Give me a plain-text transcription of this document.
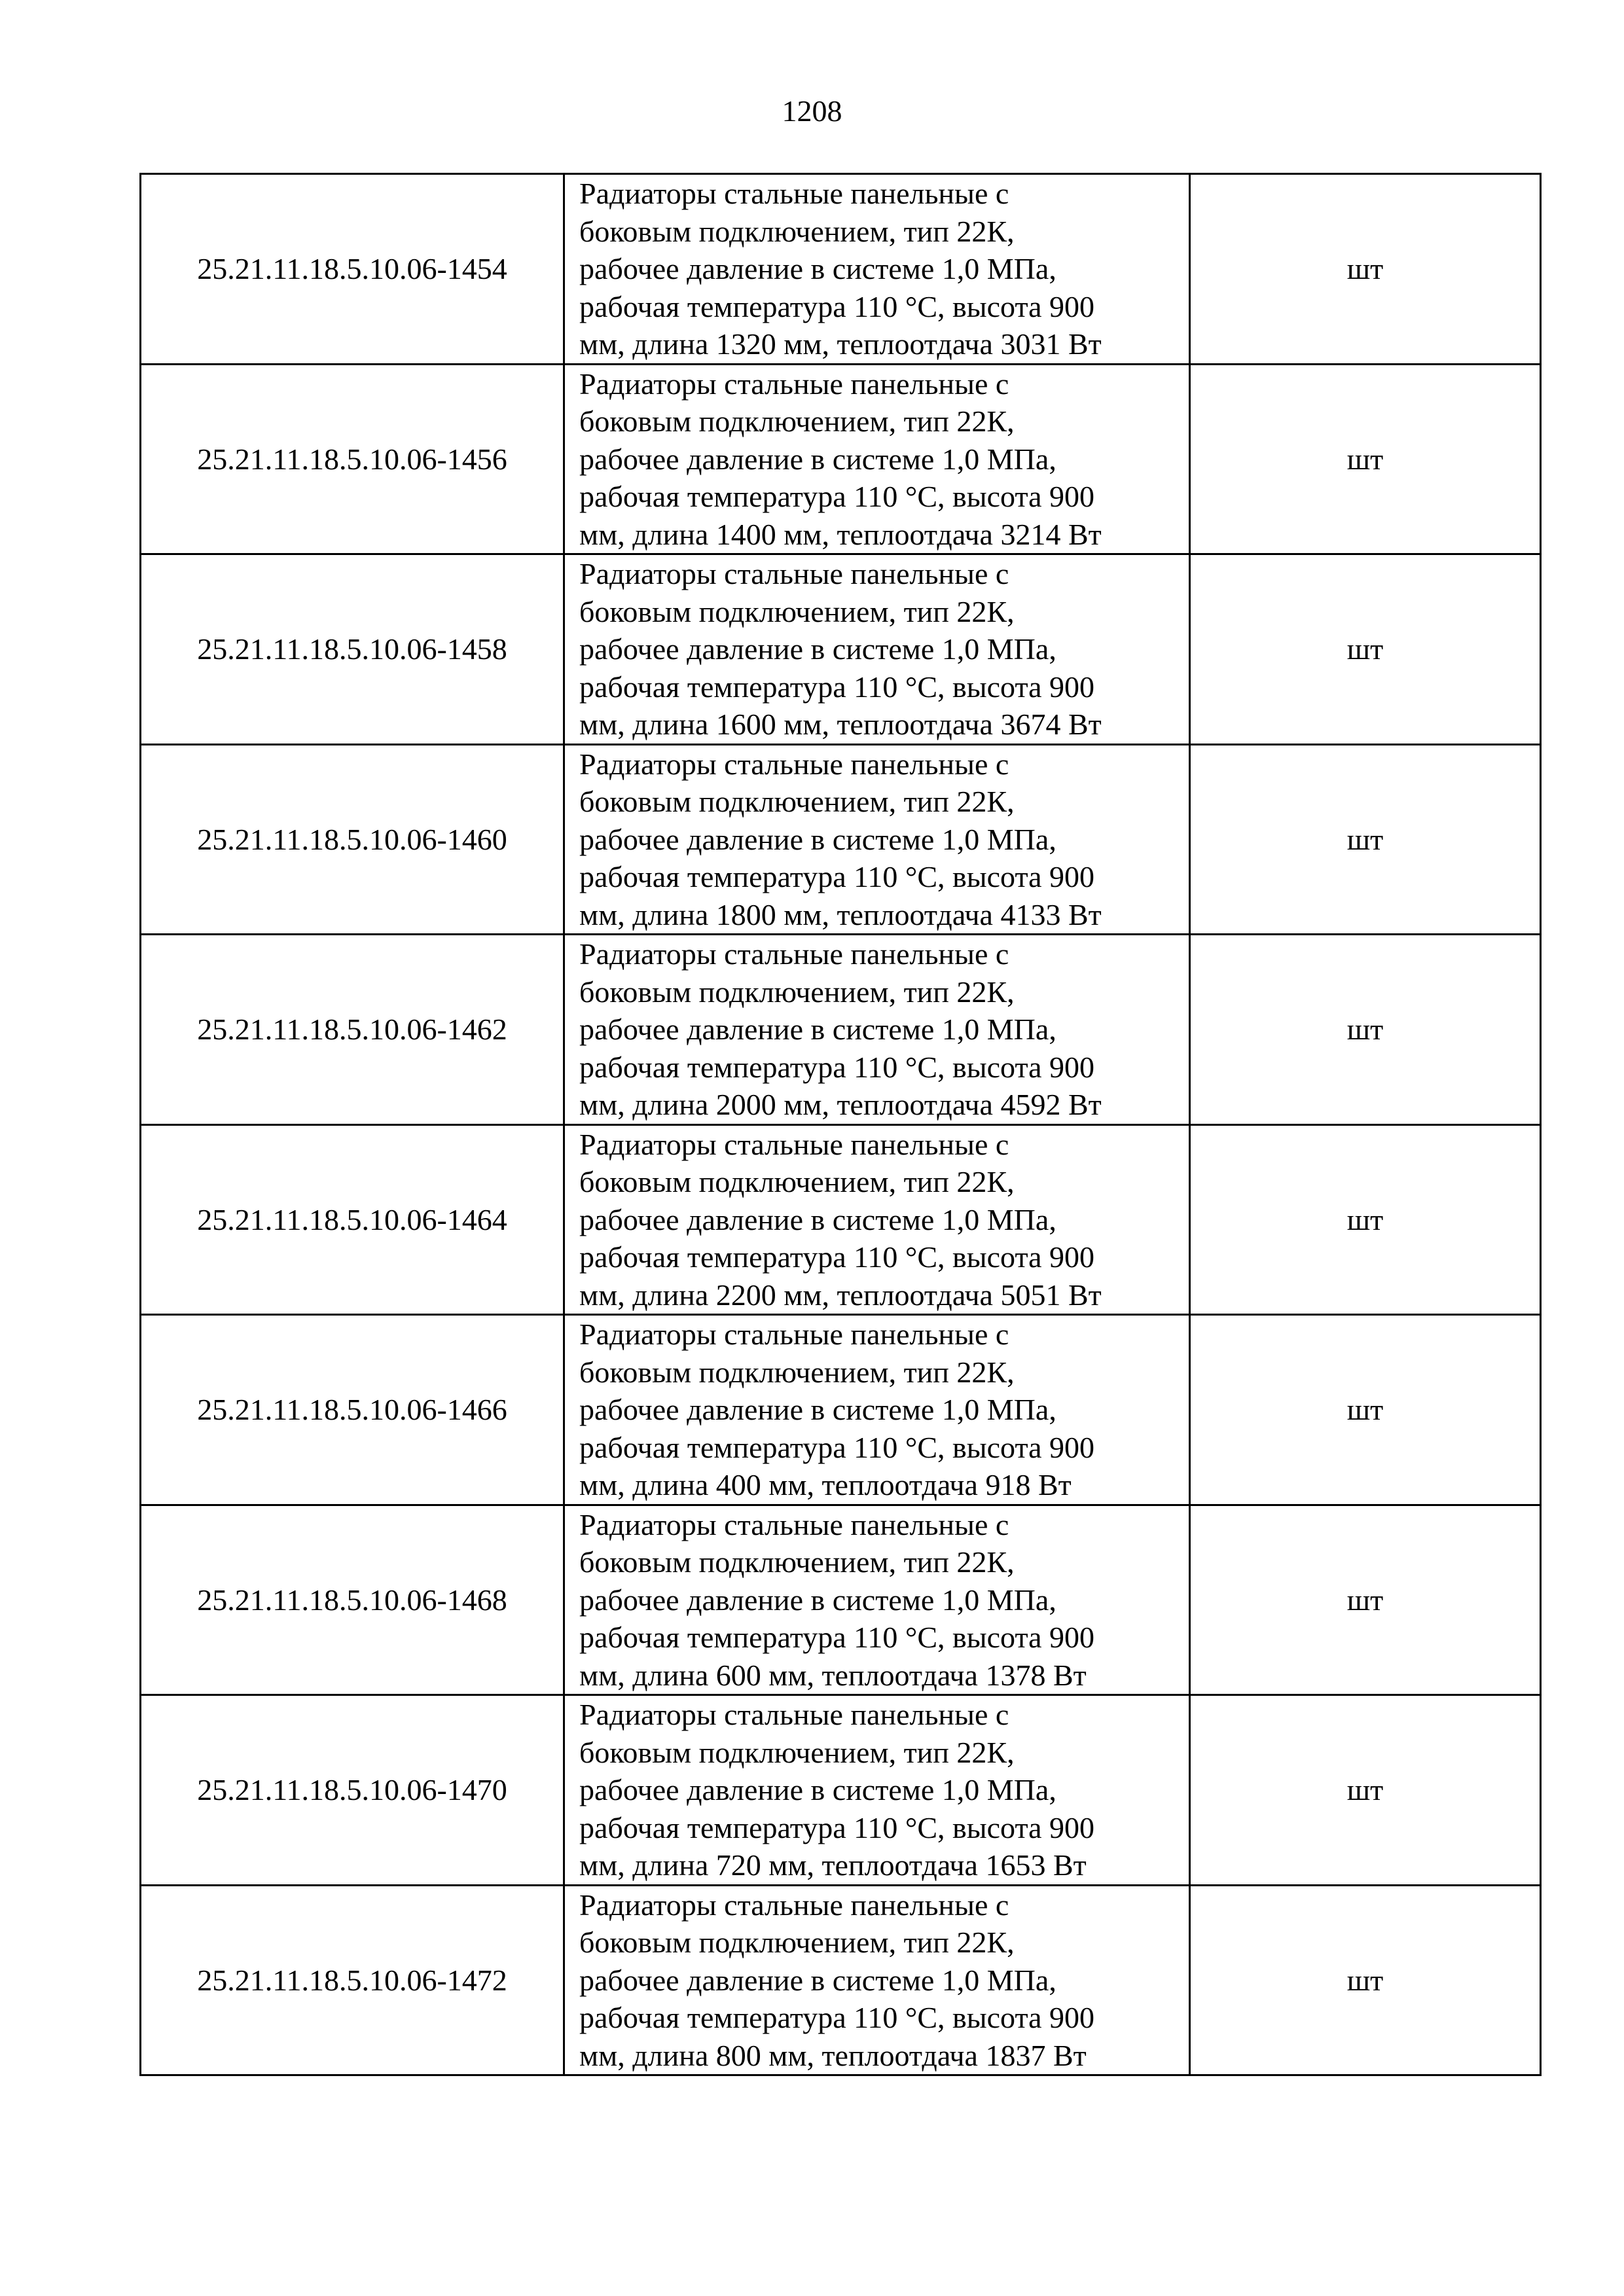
1208
25.21.11.18.5.10.06-1454	Радиаторы стальные панельные с
боковым подключением, тип 22К,
рабочее давление в системе 1,0 МПа,
рабочая температура 110 °С, высота 900
мм, длина 1320 мм, теплоотдача 3031 Вт	шт
25.21.11.18.5.10.06-1456	Радиаторы стальные панельные с
боковым подключением, тип 22К,
рабочее давление в системе 1,0 МПа,
рабочая температура 110 °С, высота 900
мм, длина 1400 мм, теплоотдача 3214 Вт	шт
25.21.11.18.5.10.06-1458	Радиаторы стальные панельные с
боковым подключением, тип 22К,
рабочее давление в системе 1,0 МПа,
рабочая температура 110 °С, высота 900
мм, длина 1600 мм, теплоотдача 3674 Вт	шт
25.21.11.18.5.10.06-1460	Радиаторы стальные панельные с
боковым подключением, тип 22К,
рабочее давление в системе 1,0 МПа,
рабочая температура 110 °С, высота 900
мм, длина 1800 мм, теплоотдача 4133 Вт	шт
25.21.11.18.5.10.06-1462	Радиаторы стальные панельные с
боковым подключением, тип 22К,
рабочее давление в системе 1,0 МПа,
рабочая температура 110 °С, высота 900
мм, длина 2000 мм, теплоотдача 4592 Вт	шт
25.21.11.18.5.10.06-1464	Радиаторы стальные панельные с
боковым подключением, тип 22К,
рабочее давление в системе 1,0 МПа,
рабочая температура 110 °С, высота 900
мм, длина 2200 мм, теплоотдача 5051 Вт	шт
25.21.11.18.5.10.06-1466	Радиаторы стальные панельные с
боковым подключением, тип 22К,
рабочее давление в системе 1,0 МПа,
рабочая температура 110 °С, высота 900
мм, длина 400 мм, теплоотдача 918 Вт	шт
25.21.11.18.5.10.06-1468	Радиаторы стальные панельные с
боковым подключением, тип 22К,
рабочее давление в системе 1,0 МПа,
рабочая температура 110 °С, высота 900
мм, длина 600 мм, теплоотдача 1378 Вт	шт
25.21.11.18.5.10.06-1470	Радиаторы стальные панельные с
боковым подключением, тип 22К,
рабочее давление в системе 1,0 МПа,
рабочая температура 110 °С, высота 900
мм, длина 720 мм, теплоотдача 1653 Вт	шт
25.21.11.18.5.10.06-1472	Радиаторы стальные панельные с
боковым подключением, тип 22К,
рабочее давление в системе 1,0 МПа,
рабочая температура 110 °С, высота 900
мм, длина 800 мм, теплоотдача 1837 Вт	шт
